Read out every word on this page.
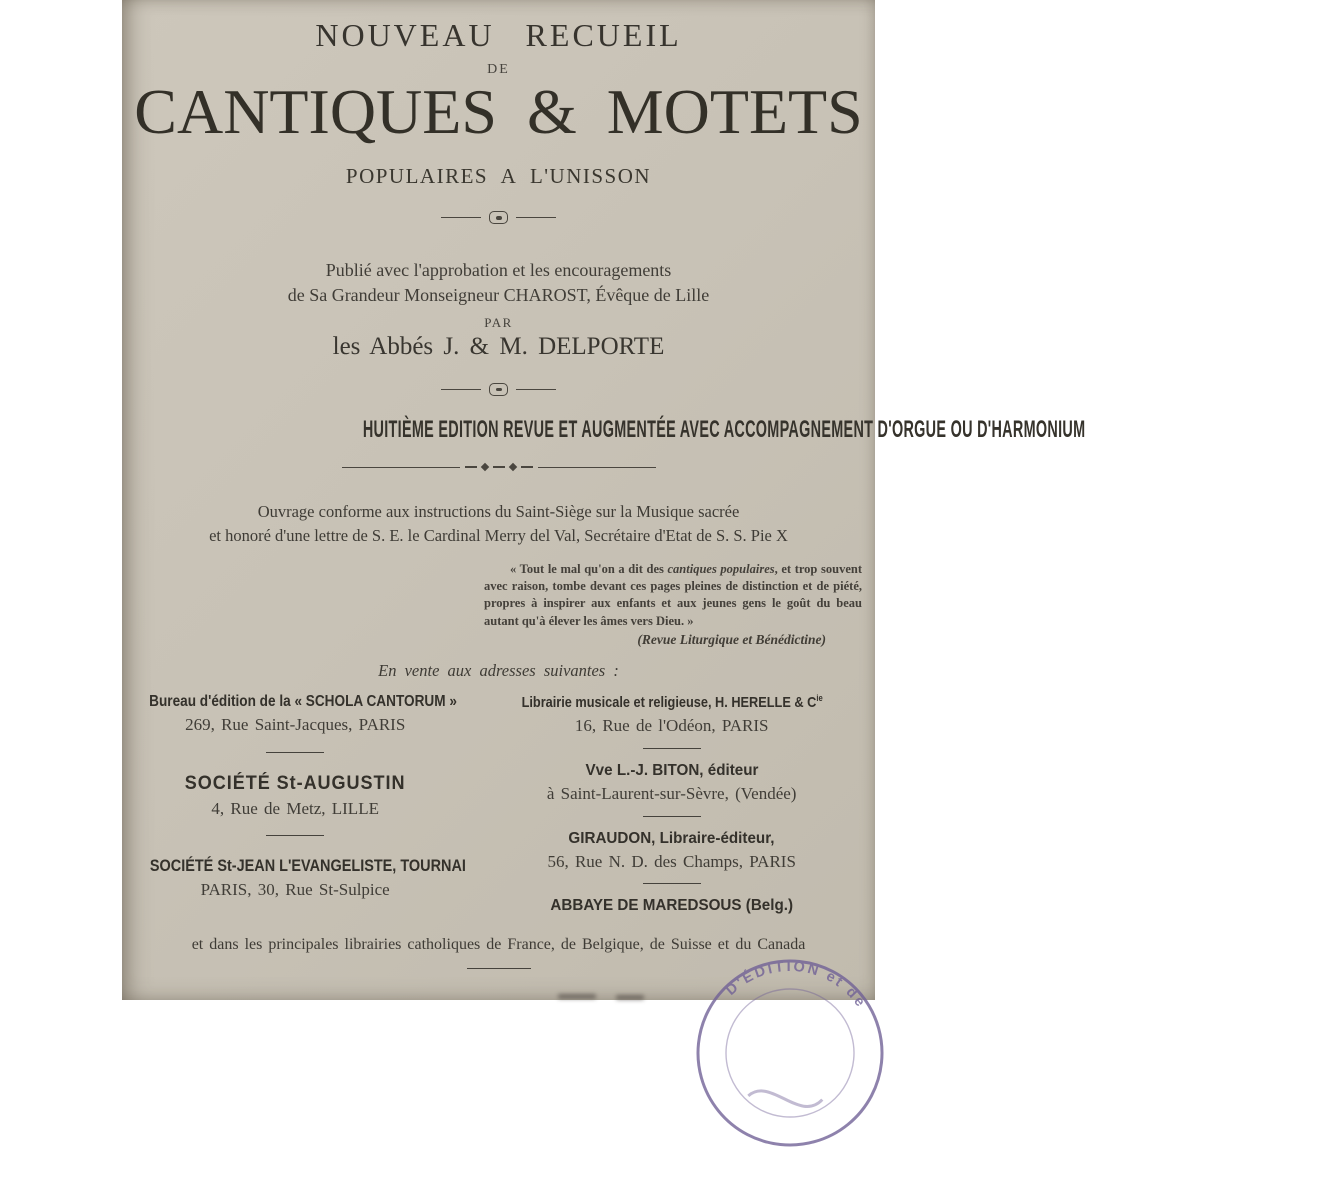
NOUVEAU RECUEIL
DE
CANTIQUES & MOTETS
POPULAIRES A L'UNISSON
Publié avec l'approbation et les encouragements
de Sa Grandeur Monseigneur CHAROST, Évêque de Lille
PAR
les Abbés J. & M. DELPORTE
HUITIÈME EDITION REVUE ET AUGMENTÉE AVEC ACCOMPAGNEMENT D'ORGUE OU D'HARMONIUM
Ouvrage conforme aux instructions du Saint-Siège sur la Musique sacrée
et honoré d'une lettre de S. E. le Cardinal Merry del Val, Secrétaire d'Etat de S. S. Pie X

« Tout le mal qu'on a dit des cantiques populaires, et trop souvent avec raison, tombe devant ces pages pleines de distinction et de piété, propres à inspirer aux enfants et aux jeunes gens le goût du beau autant qu'à élever les âmes vers Dieu. »

(Revue Liturgique et Bénédictine)
En vente aux adresses suivantes :
Bureau d'édition de la « SCHOLA CANTORUM »
269, Rue Saint-Jacques, PARIS
SOCIÉTÉ St-AUGUSTIN
4, Rue de Metz, LILLE
SOCIÉTÉ St-JEAN L'EVANGELISTE, TOURNAI
PARIS, 30, Rue St-Sulpice
Librairie musicale et religieuse, H. HERELLE & $C^{ie}$
16, Rue de l'Odéon, PARIS
Vve L.-J. BITON, éditeur
à Saint-Laurent-sur-Sèvre, (Vendée)
GIRAUDON, Libraire-éditeur,
56, Rue N. D. des Champs, PARIS
ABBAYE DE MAREDSOUS (Belg.)
et dans les principales librairies catholiques de France, de Belgique, de Suisse et du Canada
D'ÉDITION et de
